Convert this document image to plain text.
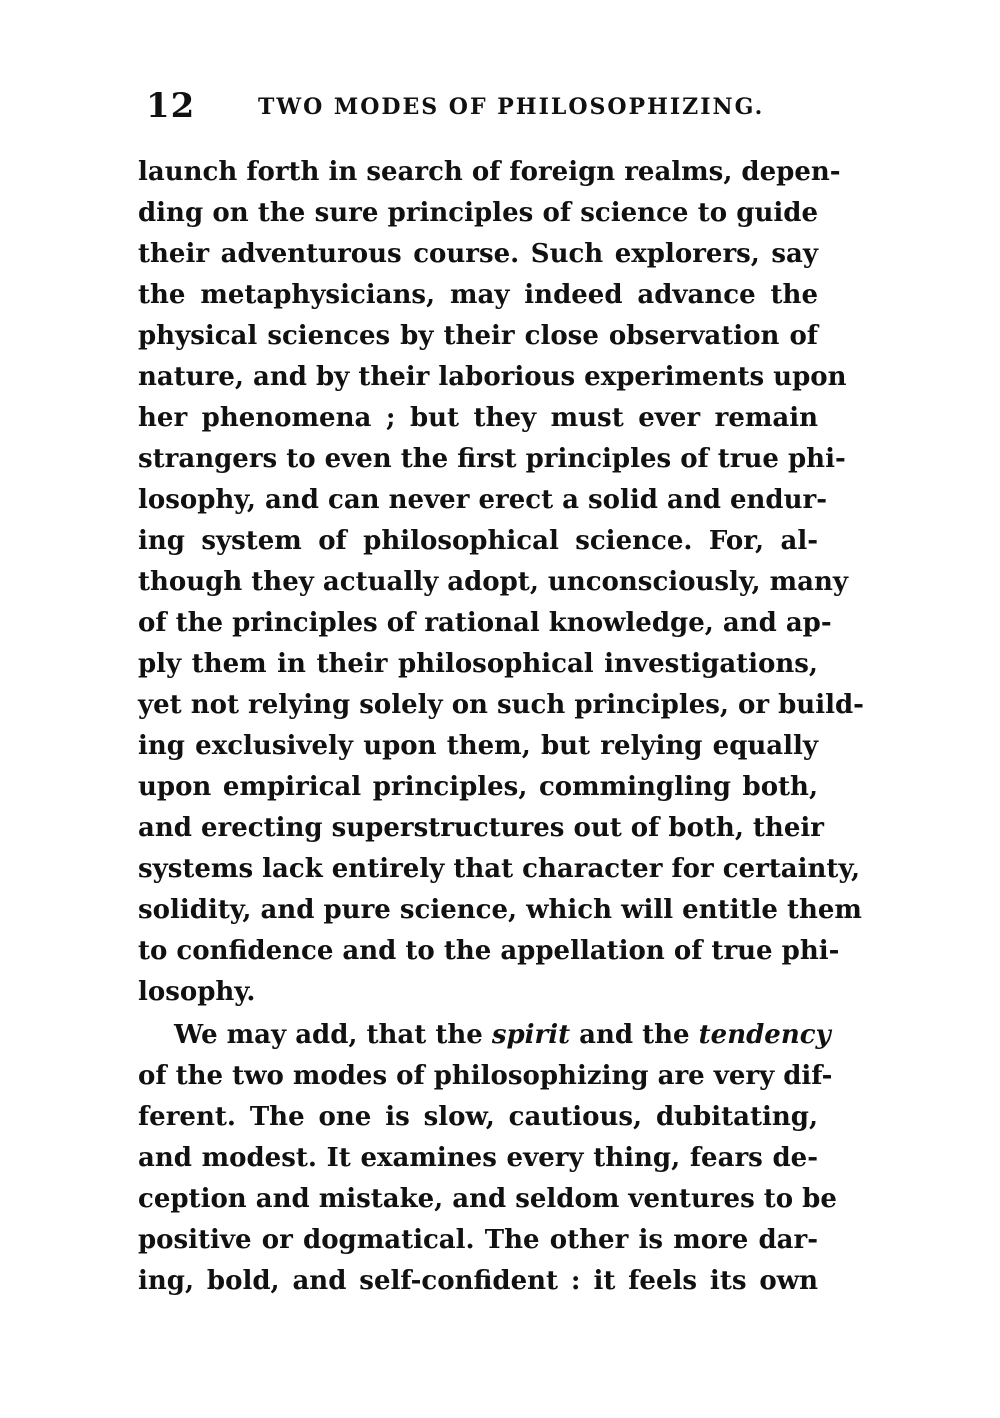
12	TWO MODES OF PHILOSOPHIZING.
launch forth in search of foreign realms, depen-
ding on the sure principles of science to guide
their adventurous course. Such explorers, say
the metaphysicians, may indeed advance the
physical sciences by their close observation of
nature, and by their laborious experiments upon
her phenomena ; but they must ever remain
strangers to even the first principles of true phi-
losophy, and can never erect a solid and endur-
ing system of philosophical science. For, al-
though they actually adopt, unconsciously, many
of the principles of rational knowledge, and ap-
ply them in their philosophical investigations,
yet not relying solely on such principles, or build-
ing exclusively upon them, but relying equally
upon empirical principles, commingling both,
and erecting superstructures out of both, their
systems lack entirely that character for certainty,
solidity, and pure science, which will entitle them
to confidence and to the appellation of true phi-
losophy.
We may add, that the spirit and the tendency
of the two modes of philosophizing are very dif-
ferent. The one is slow, cautious, dubitating,
and modest. It examines every thing, fears de-
ception and mistake, and seldom ventures to be
positive or dogmatical. The other is more dar-
ing, bold, and self-confident : it feels its own
